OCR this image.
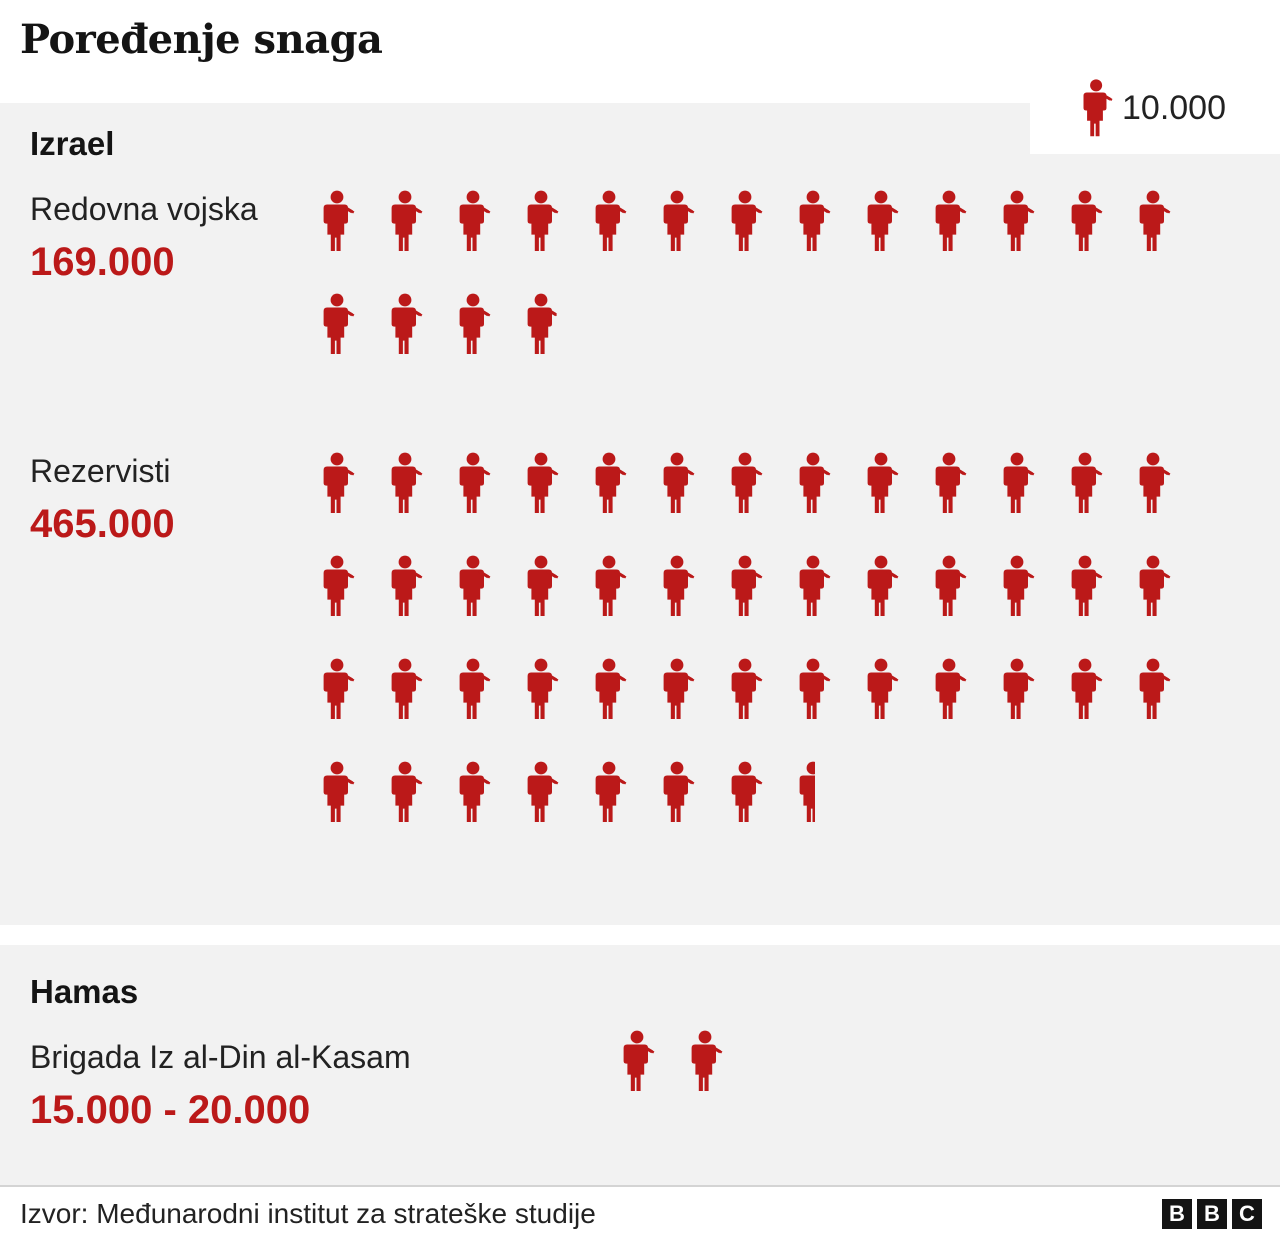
Poređenje snaga
10.000
Izrael
Redovna vojska
169.000
Rezervisti
465.000
Hamas
Brigada Iz al-Din al-Kasam
15.000 - 20.000
Izvor: Međunarodni institut za strateške studije	B B C
